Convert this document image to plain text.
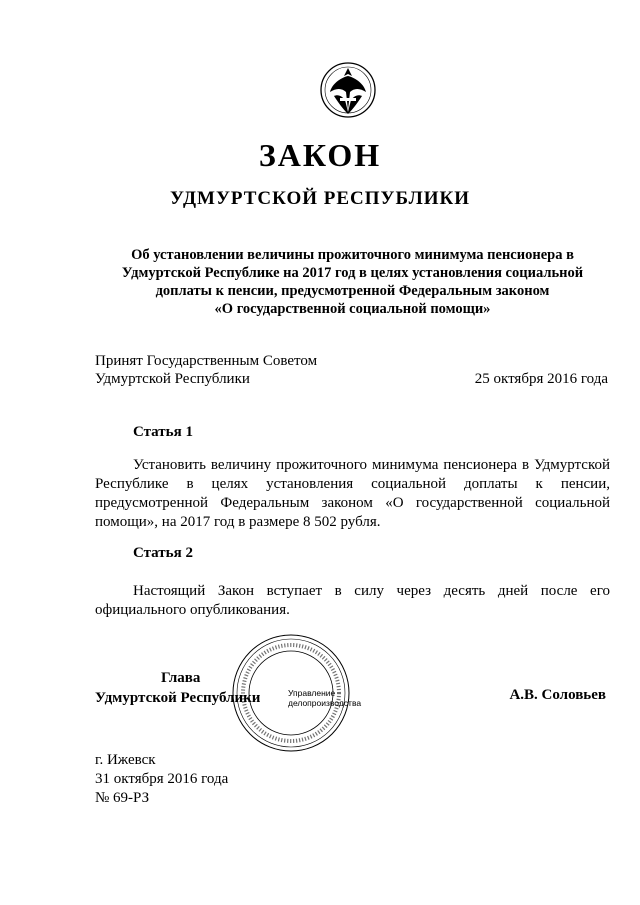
ЗАКОН
УДМУРТСКОЙ РЕСПУБЛИКИ
Об установлении величины прожиточного минимума пенсионера в
Удмуртской Республике на 2017 год в целях установления социальной
доплаты к пенсии, предусмотренной Федеральным законом
«О государственной социальной помощи»
Принят Государственным Советом
Удмуртской Республики	25 октября 2016 года
Статья 1
Установить величину прожиточного минимума пенсионера в Удмуртской Республике в целях установления социальной доплаты к пенсии, предусмотренной Федеральным законом «О государственной социальной помощи», на 2017 год в размере 8 502 рубля.
Статья 2
Настоящий Закон вступает в силу через десять дней после его официального опубликования.
Управление
делопроизводства
Глава
Удмуртской Республики	А.В. Соловьев
г. Ижевск
31 октября 2016 года
№ 69-РЗ
